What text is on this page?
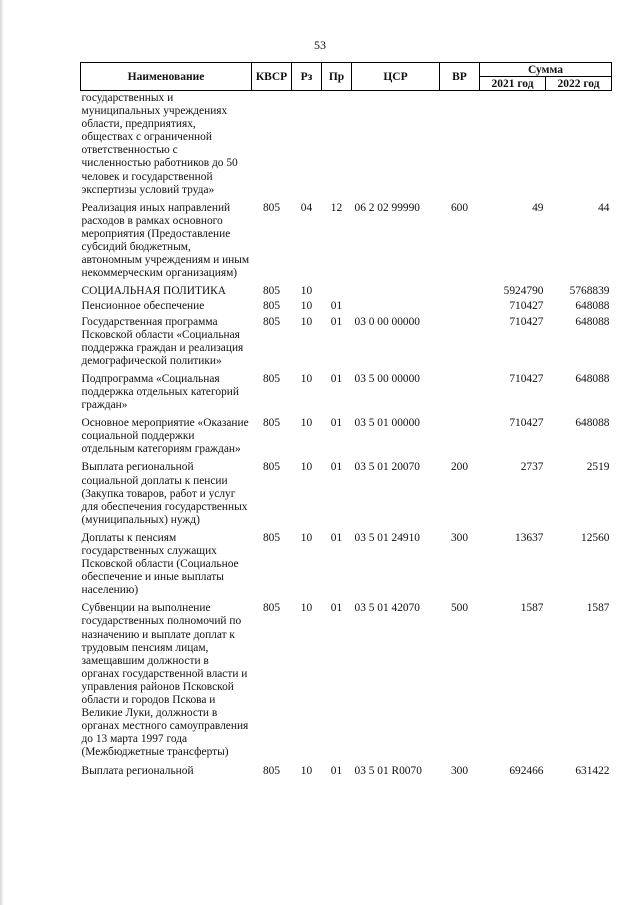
53
Наименование	КВСР	Рз	Пр	ЦСР	ВР	Сумма	
						2021 год	2022 год
государственных и муниципальных учреждениях области, предприятиях, обществах с ограниченной ответственностью с численностью работников до 50 человек и государственной экспертизы условий труда»							
Реализация иных направлений расходов в рамках основного мероприятия (Предоставление субсидий бюджетным, автономным учреждениям и иным некоммерческим организациям)	805	04	12	06 2 02 99990	600	49	44
СОЦИАЛЬНАЯ ПОЛИТИКА	805	10				5924790	5768839
Пенсионное обеспечение	805	10	01			710427	648088
Государственная программа Псковской области «Социальная поддержка граждан и реализация демографической политики»	805	10	01	03 0 00 00000		710427	648088
Подпрограмма «Социальная поддержка отдельных категорий граждан»	805	10	01	03 5 00 00000		710427	648088
Основное мероприятие «Оказание социальной поддержки отдельным категориям граждан»	805	10	01	03 5 01 00000		710427	648088
Выплата региональной социальной доплаты к пенсии (Закупка товаров, работ и услуг для обеспечения государственных (муниципальных) нужд)	805	10	01	03 5 01 20070	200	2737	2519
Доплаты к пенсиям государственных служащих Псковской области (Социальное обеспечение и иные выплаты населению)	805	10	01	03 5 01 24910	300	13637	12560
Субвенции на выполнение государственных полномочий по назначению и выплате доплат к трудовым пенсиям лицам, замещавшим должности в органах государственной власти и управления районов Псковской области и городов Пскова и Великие Луки, должности в органах местного самоуправления до 13 марта 1997 года (Межбюджетные трансферты)	805	10	01	03 5 01 42070	500	1587	1587
Выплата региональной	805	10	01	03 5 01 R0070	300	692466	631422
